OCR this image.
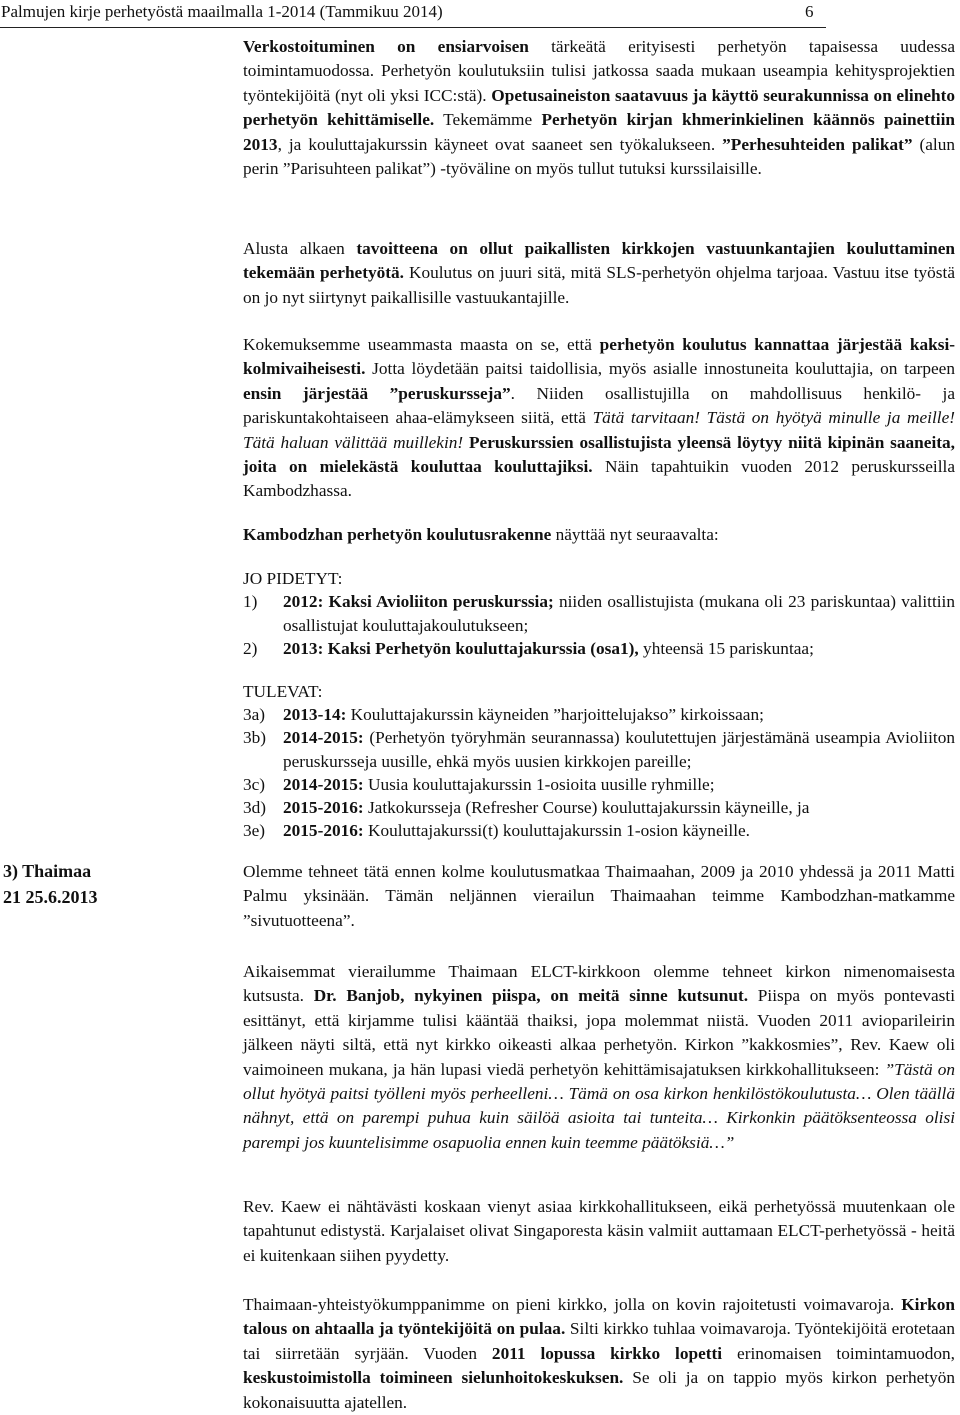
Palmujen kirje perhetyöstä maailmalla 1-2014 (Tammikuu 2014)	6
Verkostoituminen on ensiarvoisen tärkeätä erityisesti perhetyön tapaisessa uudessa toimintamuodossa. Perhetyön koulutuksiin tulisi jatkossa saada mukaan useampia kehitysprojektien työntekijöitä (nyt oli yksi ICC:stä). Opetusaineiston saatavuus ja käyttö seurakunnissa on elinehto perhetyön kehittämiselle. Tekemämme Perhetyön kirjan khmerinkielinen käännös painettiin 2013, ja kouluttajakurssin käyneet ovat saaneet sen työkalukseen. ”Perhesuhteiden palikat” (alun perin ”Parisuhteen palikat”) -työväline on myös tullut tutuksi kurssilaisille.
Alusta alkaen tavoitteena on ollut paikallisten kirkkojen vastuunkantajien kouluttaminen tekemään perhetyötä. Koulutus on juuri sitä, mitä SLS-perhetyön ohjelma tarjoaa. Vastuu itse työstä on jo nyt siirtynyt paikallisille vastuukantajille.
Kokemuksemme useammasta maasta on se, että perhetyön koulutus kannattaa järjestää kaksi-kolmivaiheisesti. Jotta löydetään paitsi taidollisia, myös asialle innostuneita kouluttajia, on tarpeen ensin järjestää ”peruskursseja”. Niiden osallistujilla on mahdollisuus henkilö- ja pariskuntakohtaiseen ahaa-elämykseen siitä, että Tätä tarvitaan! Tästä on hyötyä minulle ja meille! Tätä haluan välittää muillekin! Peruskurssien osallistujista yleensä löytyy niitä kipinän saaneita, joita on mielekästä kouluttaa kouluttajiksi. Näin tapahtuikin vuoden 2012 peruskursseilla Kambodzhassa.
Kambodzhan perhetyön koulutusrakenne näyttää nyt seuraavalta:
JO PIDETYT:
1) 2012: Kaksi Avioliiton peruskurssia; niiden osallistujista (mukana oli 23 pariskuntaa) valittiin osallistujat kouluttajakoulutukseen;
2) 2013: Kaksi Perhetyön kouluttajakurssia (osa1), yhteensä 15 pariskuntaa;
TULEVAT:
3a) 2013-14: Kouluttajakurssin käyneiden ”harjoittelujakso” kirkoissaan;
3b) 2014-2015: (Perhetyön työryhmän seurannassa) koulutettujen järjestämänä useampia Avioliiton peruskursseja uusille, ehkä myös uusien kirkkojen pareille;
3c) 2014-2015: Uusia kouluttajakurssin 1-osioita uusille ryhmille;
3d) 2015-2016: Jatkokursseja (Refresher Course) kouluttajakurssin käyneille, ja
3e) 2015-2016: Kouluttajakurssi(t) kouluttajakurssin 1-osion käyneille.
Olemme tehneet tätä ennen kolme koulutusmatkaa Thaimaahan, 2009 ja 2010 yhdessä ja 2011 Matti Palmu yksinään. Tämän neljännen vierailun Thaimaahan teimme Kambodzhan-matkamme ”sivutuotteena”.
Aikaisemmat vierailumme Thaimaan ELCT-kirkkoon olemme tehneet kirkon nimenomaisesta kutsusta. Dr. Banjob, nykyinen piispa, on meitä sinne kutsunut. Piispa on myös pontevasti esittänyt, että kirjamme tulisi kääntää thaiksi, jopa molemmat niistä. Vuoden 2011 avioparileirin jälkeen näyti siltä, että nyt kirkko oikeasti alkaa perhetyön. Kirkon ”kakkosmies”, Rev. Kaew oli vaimoineen mukana, ja hän lupasi viedä perhetyön kehittämisajatuksen kirkkohallitukseen: ”Tästä on ollut hyötyä paitsi työlleni myös perheelleni… Tämä on osa kirkon henkilöstökoulutusta… Olen täällä nähnyt, että on parempi puhua kuin säilöä asioita tai tunteita… Kirkonkin päätöksenteossa olisi parempi jos kuuntelisimme osapuolia ennen kuin teemme päätöksiä…”
Rev. Kaew ei nähtävästi koskaan vienyt asiaa kirkkohallitukseen, eikä perhetyössä muutenkaan ole tapahtunut edistystä. Karjalaiset olivat Singaporesta käsin valmiit auttamaan ELCT-perhetyössä - heitä ei kuitenkaan siihen pyydetty.
Thaimaan-yhteistyökumppanimme on pieni kirkko, jolla on kovin rajoitetusti voimavaroja. Kirkon talous on ahtaalla ja työntekijöitä on pulaa. Silti kirkko tuhlaa voimavaroja. Työntekijöitä erotetaan tai siirretään syrjään. Vuoden 2011 lopussa kirkko lopetti erinomaisen toimintamuodon, keskustoimistolla toimineen sielunhoitokeskuksen. Se oli ja on tappio myös kirkon perhetyön kokonaisuutta ajatellen.
3) Thaimaa
21 25.6.2013
